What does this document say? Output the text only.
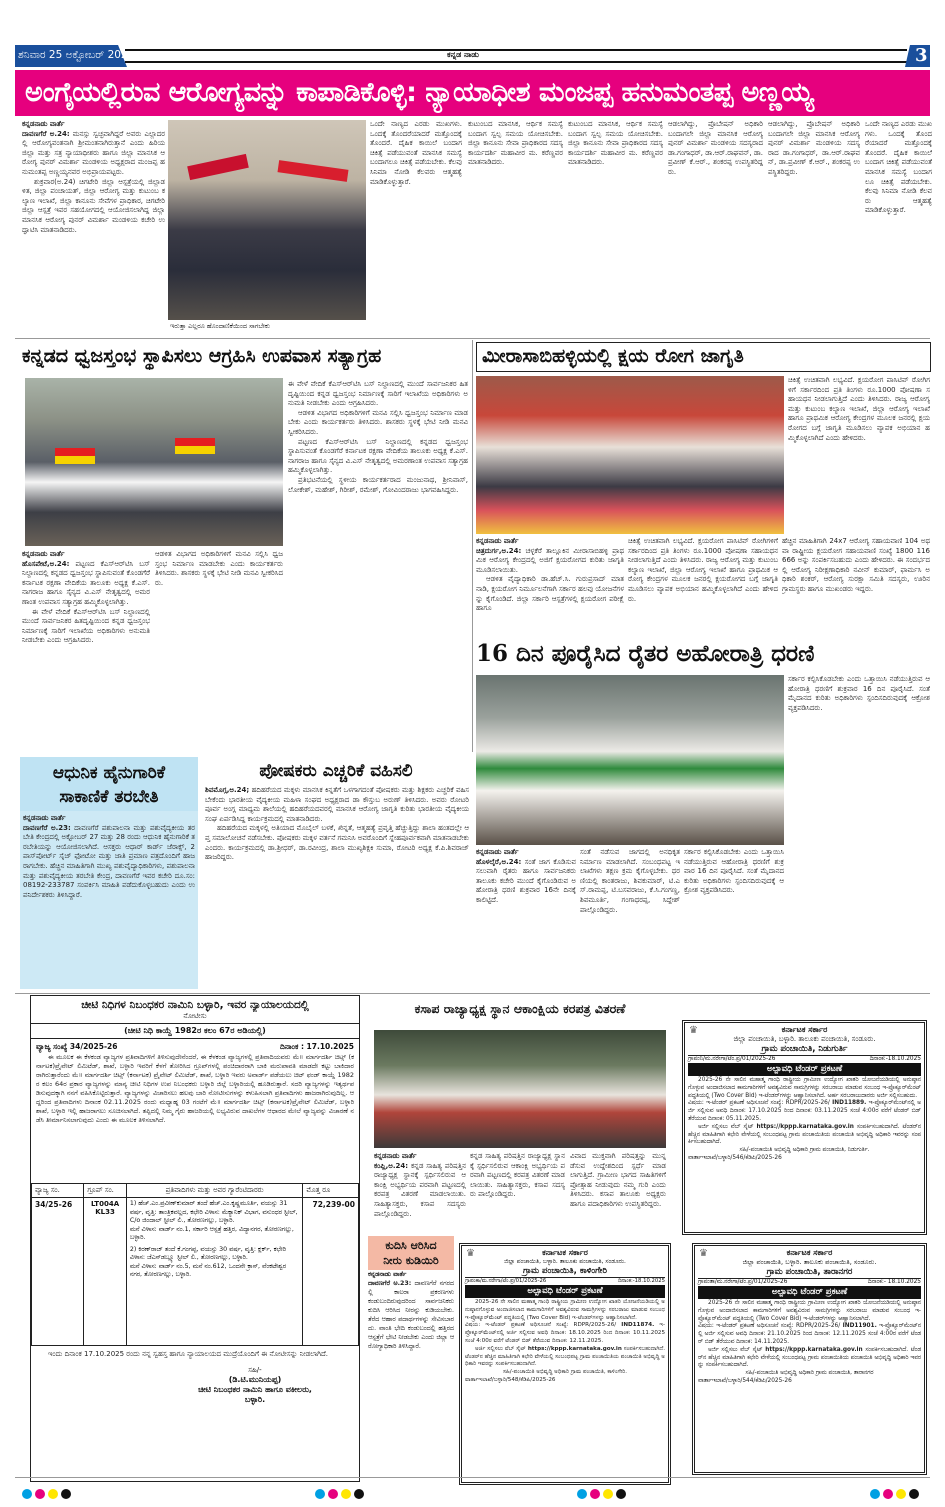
ಶನಿವಾರ 25 ಅಕ್ಟೋಬರ್ 2025	ಕನ್ನಡ ನಾಡು	3
ಅಂಗೈಯಲ್ಲಿರುವ ಆರೋಗ್ಯವನ್ನು ಕಾಪಾಡಿಕೊಳ್ಳಿ: ನ್ಯಾಯಾಧೀಶ ಮಂಜಪ್ಪ ಹನುಮಂತಪ್ಪ ಅಣ್ಣಯ್ಯ
ಕನ್ನಡನಾಡು ವಾರ್ತೆ
ದಾವಣಗೆರೆ ಅ.24: ಮನಸ್ಸು ಸ್ವಚ್ಛವಾಗಿದ್ದರೆ ಅವರು ಎಲ್ಲಾದರಲ್ಲಿ ಆರೋಗ್ಯವಂತನಾಗಿ ಶ್ರೀಮಂತನಾಗಿರುತ್ತಾನೆ ಎಂದು ಹಿರಿಯ ಜಿಲ್ಲಾ ಮತ್ತು ಸತ್ರ ನ್ಯಾಯಾಧೀಶರು ಹಾಗೂ ಜಿಲ್ಲಾ ಮಾನಸಿಕ ಆರೋಗ್ಯ ಪುನರ್ ವಿಮರ್ಶಾ ಮಂಡಳಿಯ ಅಧ್ಯಕ್ಷರಾದ ಮಂಜಪ್ಪ ಹನುಮಂತಪ್ಪ ಅಣ್ಣಯ್ಯನವರ ಅಭಿಪ್ರಾಯಪಟ್ಟರು.
ಶುಕ್ರವಾರ(ಅ.24) ಚಿಗಟೇರಿ ಜಿಲ್ಲಾ ಆಸ್ಪತ್ರೆಯಲ್ಲಿ ಜಿಲ್ಲಾಡಳಿತ, ಜಿಲ್ಲಾ ಪಂಚಾಯತ್, ಜಿಲ್ಲಾ ಆರೋಗ್ಯ ಮತ್ತು ಕುಟುಂಬ ಕಲ್ಯಾಣ ಇಲಾಖೆ, ಜಿಲ್ಲಾ ಕಾನೂನು ಸೇವೆಗಳ ಪ್ರಾಧಿಕಾರ, ಚಿಗಟೇರಿ ಜಿಲ್ಲಾ ಆಸ್ಪತ್ರೆ ಇವರ ಸಹಯೋಗದಲ್ಲಿ ಆಯೋಜಿಸಲಾಗಿದ್ದ ಜಿಲ್ಲಾ ಮಾನಸಿಕ ಆರೋಗ್ಯ ಪುನರ್ ವಿಮರ್ಶಾ ಮಂಡಳಿಯ ಕಚೇರಿ ಉದ್ಘಾಟಿಸಿ ಮಾತನಾಡಿದರು.
ಇರುತ್ತಾ ಎಲ್ಲರೂ ಹೊಂದಾಣಿಕೆಯಿಂದ ಸಾಗಬೇಕು
ಒಂದೇ ನಾಣ್ಯದ ಎರಡು ಮುಖಗಳು. ಒಂದಕ್ಕೆ ತೊಂದರೆಯಾದರೆ ಮತ್ತೊಂದಕ್ಕೆ ತೊಂದರೆ. ದೈಹಿಕ ಕಾಯಿಲೆ ಬಂದಾಗ ಚಿಕಿತ್ಸೆ ಪಡೆಯುವಂತೆ ಮಾನಸಿಕ ಸಮಸ್ಯೆ ಬಂದಾಗಲೂ ಚಿಕಿತ್ಸೆ ಪಡೆಯಬೇಕು. ಕೆಲವು ಸಿನಿಮಾ ನೋಡಿ ಕೆಲವರು ಆತ್ಮಹತ್ಯೆ ಮಾಡಿಕೊಳ್ಳುತ್ತಾರೆ.
ಕುಟುಂಬದ ಮಾನಸಿಕ, ಆರ್ಥಿಕ ಸಮಸ್ಯೆ ಬಂದಾಗ ಸ್ವಲ್ಪ ಸಮಯ ಯೋಚಿಸಬೇಕು. ಜಿಲ್ಲಾ ಕಾನೂನು ಸೇವಾ ಪ್ರಾಧಿಕಾರದ ಸದಸ್ಯ ಕಾರ್ಯದರ್ಶಿ ಮಹಾವೀರ ಮ. ಕರೆಣ್ಣವರ ಮಾತನಾಡಿದರು.
ಕುಟುಂಬದ ಮಾನಸಿಕ, ಆರ್ಥಿಕ ಸಮಸ್ಯೆ ಬಂದಾಗ ಸ್ವಲ್ಪ ಸಮಯ ಯೋಚಿಸಬೇಕು. ಜಿಲ್ಲಾ ಕಾನೂನು ಸೇವಾ ಪ್ರಾಧಿಕಾರದ ಸದಸ್ಯ ಕಾರ್ಯದರ್ಶಿ ಮಹಾವೀರ ಮ. ಕರೆಣ್ಣವರ ಮಾತನಾಡಿದರು.
ಆಡಲಾಗಿದ್ದು, ಪ್ರೊಬೇಷನ್ ಅಧಿಕಾರಿ ಬಂದಾಗಲೇ ಜಿಲ್ಲಾ ಮಾನಸಿಕ ಆರೋಗ್ಯ ಪುನರ್ ವಿಮರ್ಶಾ ಮಂಡಳಿಯ ಸದಸ್ಯರಾದ ಡಾ.ಗಂಗಾಧರ್, ಡಾ.ಆರ್.ರಾಘವನ್, ಡಾ.ಪ್ರವೀಣ್ ಕೆ.ಆರ್., ಶಂಕರಪ್ಪ ಉಪಸ್ಥಿತರಿದ್ದರು.
ಆಡಲಾಗಿದ್ದು, ಪ್ರೊಬೇಷನ್ ಅಧಿಕಾರಿ ಬಂದಾಗಲೇ ಜಿಲ್ಲಾ ಮಾನಸಿಕ ಆರೋಗ್ಯ ಪುನರ್ ವಿಮರ್ಶಾ ಮಂಡಳಿಯ ಸದಸ್ಯರಾದ ಡಾ.ಗಂಗಾಧರ್, ಡಾ.ಆರ್.ರಾಘವನ್, ಡಾ.ಪ್ರವೀಣ್ ಕೆ.ಆರ್., ಶಂಕರಪ್ಪ ಉಪಸ್ಥಿತರಿದ್ದರು.
ಒಂದೇ ನಾಣ್ಯದ ಎರಡು ಮುಖಗಳು. ಒಂದಕ್ಕೆ ತೊಂದರೆಯಾದರೆ ಮತ್ತೊಂದಕ್ಕೆ ತೊಂದರೆ. ದೈಹಿಕ ಕಾಯಿಲೆ ಬಂದಾಗ ಚಿಕಿತ್ಸೆ ಪಡೆಯುವಂತೆ ಮಾನಸಿಕ ಸಮಸ್ಯೆ ಬಂದಾಗಲೂ ಚಿಕಿತ್ಸೆ ಪಡೆಯಬೇಕು. ಕೆಲವು ಸಿನಿಮಾ ನೋಡಿ ಕೆಲವರು ಆತ್ಮಹತ್ಯೆ ಮಾಡಿಕೊಳ್ಳುತ್ತಾರೆ.
ಕನ್ನಡದ ಧ್ವಜಸ್ತಂಭ ಸ್ಥಾಪಿಸಲು ಆಗ್ರಹಿಸಿ ಉಪವಾಸ ಸತ್ಯಾಗ್ರಹ
ಕನ್ನಡನಾಡು ವಾರ್ತೆ
ಹೊಸಪೇಟೆ,ಅ.24: ಪಟ್ಟಣದ ಕೆಎಸ್ಆರ್‌ಟಿಸಿ ಬಸ್ ನಿಲ್ದಾಣದಲ್ಲಿ ಕನ್ನಡದ ಧ್ವಜಸ್ತಂಭ ಸ್ಥಾಪಿಸುವಂತೆ ಕೊಂಡಗೆರೆ ಕರ್ನಾಟಕ ರಕ್ಷಣಾ ವೇದಿಕೆಯ ತಾಲೂಕು ಅಧ್ಯಕ್ಷ ಕೆ.ಎಸ್.ನಾಗರಾಜ ಹಾಗೂ ಸೈನ್ಯದ ವಿ.ಎಸ್ ನೇತೃತ್ವದಲ್ಲಿ ಅಮರಣಾಂತ ಉಪವಾಸ ಸತ್ಯಾಗ್ರಹ ಹಮ್ಮಿಕೊಳ್ಳಲಾಗಿತ್ತು.
ಈ ವೇಳೆ ವೇದಿಕೆ ಕೆಎಸ್ಆರ್‌ಟಿಸಿ ಬಸ್ ನಿಲ್ದಾಣದಲ್ಲಿ ಮುಂದೆ ಸಾರ್ವಜನಿಕರ ಹಿತದೃಷ್ಟಿಯಿಂದ ಕನ್ನಡ ಧ್ವಜಸ್ತಂಭ ನಿರ್ಮಾಣಕ್ಕೆ ಸಾರಿಗೆ ಇಲಾಖೆಯ ಅಧಿಕಾರಿಗಳು ಅನುಮತಿ ನೀಡಬೇಕು ಎಂದು ಆಗ್ರಹಿಸಿದರು.
ಆಡಳಿತ ವಿಭಾಗದ ಅಧಿಕಾರಿಗಳಿಗೆ ಮನವಿ ಸಲ್ಲಿಸಿ ಧ್ವಜಸ್ತಂಭ ನಿರ್ಮಾಣ ಮಾಡಬೇಕು ಎಂದು ಕಾರ್ಯಕರ್ತರು ತಿಳಿಸಿದರು. ಶಾಸಕರು ಸ್ಥಳಕ್ಕೆ ಭೇಟಿ ನೀಡಿ ಮನವಿ ಸ್ವೀಕರಿಸಿದರು.
ಈ ವೇಳೆ ವೇದಿಕೆ ಕೆಎಸ್ಆರ್‌ಟಿಸಿ ಬಸ್ ನಿಲ್ದಾಣದಲ್ಲಿ ಮುಂದೆ ಸಾರ್ವಜನಿಕರ ಹಿತದೃಷ್ಟಿಯಿಂದ ಕನ್ನಡ ಧ್ವಜಸ್ತಂಭ ನಿರ್ಮಾಣಕ್ಕೆ ಸಾರಿಗೆ ಇಲಾಖೆಯ ಅಧಿಕಾರಿಗಳು ಅನುಮತಿ ನೀಡಬೇಕು ಎಂದು ಆಗ್ರಹಿಸಿದರು.
ಆಡಳಿತ ವಿಭಾಗದ ಅಧಿಕಾರಿಗಳಿಗೆ ಮನವಿ ಸಲ್ಲಿಸಿ ಧ್ವಜಸ್ತಂಭ ನಿರ್ಮಾಣ ಮಾಡಬೇಕು ಎಂದು ಕಾರ್ಯಕರ್ತರು ತಿಳಿಸಿದರು. ಶಾಸಕರು ಸ್ಥಳಕ್ಕೆ ಭೇಟಿ ನೀಡಿ ಮನವಿ ಸ್ವೀಕರಿಸಿದರು.
ಪಟ್ಟಣದ ಕೆಎಸ್ಆರ್‌ಟಿಸಿ ಬಸ್ ನಿಲ್ದಾಣದಲ್ಲಿ ಕನ್ನಡದ ಧ್ವಜಸ್ತಂಭ ಸ್ಥಾಪಿಸುವಂತೆ ಕೊಂಡಗೆರೆ ಕರ್ನಾಟಕ ರಕ್ಷಣಾ ವೇದಿಕೆಯ ತಾಲೂಕು ಅಧ್ಯಕ್ಷ ಕೆ.ಎಸ್.ನಾಗರಾಜ ಹಾಗೂ ಸೈನ್ಯದ ವಿ.ಎಸ್ ನೇತೃತ್ವದಲ್ಲಿ ಅಮರಣಾಂತ ಉಪವಾಸ ಸತ್ಯಾಗ್ರಹ ಹಮ್ಮಿಕೊಳ್ಳಲಾಗಿತ್ತು.
ಪ್ರತಿಭಟನೆಯಲ್ಲಿ ಸ್ಥಳೀಯ ಕಾರ್ಯಕರ್ತರಾದ ಮಂಜುನಾಥ, ಶ್ರೀನಿವಾಸ್, ಲೋಕೇಶ್, ಮಹೇಶ್, ಗಿರೀಶ್, ರಮೇಶ್, ಗೋವಿಂದರಾಜು ಭಾಗವಹಿಸಿದ್ದರು.
ಮೀರಾಸಾಬಿಹಳ್ಳಿಯಲ್ಲಿ ಕ್ಷಯ ರೋಗ ಜಾಗೃತಿ
ಚಿಕಿತ್ಸೆ ಉಚಿತವಾಗಿ ಲಭ್ಯವಿದೆ. ಕ್ಷಯರೋಗ ಪಾಸಿಟಿವ್ ರೋಗಿಗಳಿಗೆ ಸರ್ಕಾರದಿಂದ ಪ್ರತಿ ತಿಂಗಳು ರೂ.1000 ಪೋಷಣಾ ಸಹಾಯಧನ ನೀಡಲಾಗುತ್ತಿದೆ ಎಂದು ತಿಳಿಸಿದರು. ರಾಜ್ಯ ಆರೋಗ್ಯ ಮತ್ತು ಕುಟುಂಬ ಕಲ್ಯಾಣ ಇಲಾಖೆ, ಜಿಲ್ಲಾ ಆರೋಗ್ಯ ಇಲಾಖೆ ಹಾಗೂ ಪ್ರಾಥಮಿಕ ಆರೋಗ್ಯ ಕೇಂದ್ರಗಳ ಮೂಲಕ ಜನರಲ್ಲಿ ಕ್ಷಯರೋಗದ ಬಗ್ಗೆ ಜಾಗೃತಿ ಮೂಡಿಸಲು ವ್ಯಾಪಕ ಅಭಿಯಾನ ಹಮ್ಮಿಕೊಳ್ಳಲಾಗಿದೆ ಎಂದು ಹೇಳಿದರು.
ಕನ್ನಡನಾಡು ವಾರ್ತೆ
ಚಿತ್ರದುರ್ಗ,ಅ.24: ಚಳ್ಳಕೆರೆ ತಾಲ್ಲೂಕಿನ ಮೀರಾಸಾಬಿಹಳ್ಳಿ ಪ್ರಾಥಮಿಕ ಆರೋಗ್ಯ ಕೇಂದ್ರದಲ್ಲಿ ಅಜಿಗೆ ಕ್ಷಯರೋಗದ ಕುರಿತು ಜಾಗೃತಿ ಮೂಡಿಸಲಾಯಿತು.
ಆಡಳಿತ ವೈದ್ಯಾಧಿಕಾರಿ ಡಾ.ಹೆಚ್.ಸಿ. ಗುರುಪ್ರಸಾದ್ ಮಾತನಾಡಿ, ಕ್ಷಯರೋಗ ನಿರ್ಮೂಲನೆಗಾಗಿ ಸರ್ಕಾರ ಹಲವು ಯೋಜನೆಗಳನ್ನು ಕೈಗೊಂಡಿದೆ. ಜಿಲ್ಲಾ ಸರ್ಕಾರಿ ಆಸ್ಪತ್ರೆಗಳಲ್ಲಿ ಕ್ಷಯರೋಗ ಪರೀಕ್ಷೆ ಹಾಗೂ
ಚಿಕಿತ್ಸೆ ಉಚಿತವಾಗಿ ಲಭ್ಯವಿದೆ. ಕ್ಷಯರೋಗ ಪಾಸಿಟಿವ್ ರೋಗಿಗಳಿಗೆ ಸರ್ಕಾರದಿಂದ ಪ್ರತಿ ತಿಂಗಳು ರೂ.1000 ಪೋಷಣಾ ಸಹಾಯಧನ ನೀಡಲಾಗುತ್ತಿದೆ ಎಂದು ತಿಳಿಸಿದರು. ರಾಜ್ಯ ಆರೋಗ್ಯ ಮತ್ತು ಕುಟುಂಬ ಕಲ್ಯಾಣ ಇಲಾಖೆ, ಜಿಲ್ಲಾ ಆರೋಗ್ಯ ಇಲಾಖೆ ಹಾಗೂ ಪ್ರಾಥಮಿಕ ಆರೋಗ್ಯ ಕೇಂದ್ರಗಳ ಮೂಲಕ ಜನರಲ್ಲಿ ಕ್ಷಯರೋಗದ ಬಗ್ಗೆ ಜಾಗೃತಿ ಮೂಡಿಸಲು ವ್ಯಾಪಕ ಅಭಿಯಾನ ಹಮ್ಮಿಕೊಳ್ಳಲಾಗಿದೆ ಎಂದು ಹೇಳಿದರು.
ಹೆಚ್ಚಿನ ಮಾಹಿತಿಗಾಗಿ 24x7 ಆರೋಗ್ಯ ಸಹಾಯವಾಣಿ 104 ಅಥವಾ ರಾಷ್ಟ್ರೀಯ ಕ್ಷಯರೋಗ ಸಹಾಯವಾಣಿ ಸಂಖ್ಯೆ 1800 116 666 ಅನ್ನು ಸಂಪರ್ಕಿಸಬಹುದು ಎಂದು ಹೇಳಿದರು. ಈ ಸಂದರ್ಭದಲ್ಲಿ ಆರೋಗ್ಯ ನಿರೀಕ್ಷಣಾಧಿಕಾರಿ ನವೀನ್ ಕುಮಾರ್, ಫಾರ್ಮಸಿ ಅಧಿಕಾರಿ ಶಂಕರ್, ಆರೋಗ್ಯ ಸುರಕ್ಷಾ ಸಮಿತಿ ಸದಸ್ಯರು, ಊರಿನ ಗ್ರಾಮಸ್ಥರು ಹಾಗೂ ಮುಖಂಡರು ಇದ್ದರು.
16 ದಿನ ಪೂರೈಸಿದ ರೈತರ ಅಹೋರಾತ್ರಿ ಧರಣಿ
ಸರ್ಕಾರ ಕಲ್ಪಿಸಿಕೊಡಬೇಕು ಎಂದು ಒತ್ತಾಯಿಸಿ ನಡೆಯುತ್ತಿರುವ ಆಹೋರಾತ್ರಿ ಧರಣಿಗೆ ಶುಕ್ರವಾರ 16 ದಿನ ಪೂರೈಸಿದೆ. ಸಂತೆ ಮೈದಾನದ ಕುರಿತು ಅಧಿಕಾರಿಗಳು ಸ್ಪಂದಿಸದಿರುವುದಕ್ಕೆ ಆಕ್ರೋಶ ವ್ಯಕ್ತಪಡಿಸಿದರು.
ಕನ್ನಡನಾಡು ವಾರ್ತೆ
ಹೊಳಲ್ಕೆರೆ,ಅ.24: ಸಂತೆ ಜಾಗ ಕೊಡಿಸುವ ಸಲುವಾಗಿ ರೈತರು ಹಾಗೂ ಸಾರ್ವಜನಿಕರು ತಾಲೂಕು ಕಚೇರಿ ಮುಂದೆ ಕೈಗೊಂಡಿರುವ ಅಹೋರಾತ್ರಿ ಧರಣಿ ಶುಕ್ರವಾರ 16ನೇ ದಿನಕ್ಕೆ ಕಾಲಿಟ್ಟಿದೆ.
ಸಂತೆ ನಡೆಸುವ ಜಾಗದಲ್ಲಿ ಅನಧಿಕೃತ ನಿರ್ಮಾಣ ಮಾಡಲಾಗಿದೆ. ಸಂಬಂಧಪಟ್ಟ ಇಲಾಖೆಗಳು ತಕ್ಷಣ ಕ್ರಮ ಕೈಗೊಳ್ಳಬೇಕು. ಧರಣಿಯಲ್ಲಿ ಕಾಂತರಾಜು, ಶಿವಕುಮಾರ್, ಟಿ.ಎಸ್.ರಾಮಪ್ಪ, ಟಿ.ಬಸವರಾಜು, ಕೆ.ಸಿ.ಗಂಗಣ್ಣ, ಶಿವಮೂರ್ತಿ, ಗಂಗಾಧರಪ್ಪ, ಸಿದ್ದೇಶ್ ಪಾಲ್ಗೊಂಡಿದ್ದರು.
ಸರ್ಕಾರ ಕಲ್ಪಿಸಿಕೊಡಬೇಕು ಎಂದು ಒತ್ತಾಯಿಸಿ ನಡೆಯುತ್ತಿರುವ ಆಹೋರಾತ್ರಿ ಧರಣಿಗೆ ಶುಕ್ರವಾರ 16 ದಿನ ಪೂರೈಸಿದೆ. ಸಂತೆ ಮೈದಾನದ ಕುರಿತು ಅಧಿಕಾರಿಗಳು ಸ್ಪಂದಿಸದಿರುವುದಕ್ಕೆ ಆಕ್ರೋಶ ವ್ಯಕ್ತಪಡಿಸಿದರು.
ಆಧುನಿಕ ಹೈನುಗಾರಿಕೆ
ಸಾಕಾಣಿಕೆ ತರಬೇತಿ
ಕನ್ನಡನಾಡು ವಾರ್ತೆ
ದಾವಣಗೆರೆ ಅ.23: ದಾವಣಗೆರೆ ಪಶುಪಾಲನಾ ಮತ್ತು ಪಶುವೈದ್ಯಕೀಯ ತರಬೇತಿ ಕೇಂದ್ರದಲ್ಲಿ ಅಕ್ಟೋಬರ್ 27 ಮತ್ತು 28 ರಂದು ಆಧುನಿಕ ಹೈನುಗಾರಿಕೆ ತರಬೇತಿಯನ್ನು ಆಯೋಜಿಸಲಾಗಿದೆ. ಆಸಕ್ತರು ಆಧಾರ್ ಕಾರ್ಡ್ ಜೆರಾಕ್ಸ್, 2 ಪಾಸ್‌ಪೋರ್ಟ್ ಸೈಜ್ ಫೋಟೋ ಮತ್ತು ಜಾತಿ ಪ್ರಮಾಣ ಪತ್ರದೊಂದಿಗೆ ಹಾಜರಾಗಬೇಕು. ಹೆಚ್ಚಿನ ಮಾಹಿತಿಗಾಗಿ ಮುಖ್ಯ ಪಶುವೈದ್ಯಾಧಿಕಾರಿಗಳು, ಪಶುಪಾಲನಾ ಮತ್ತು ಪಶುವೈದ್ಯಕೀಯ ತರಬೇತಿ ಕೇಂದ್ರ, ದಾವಣಗೆರೆ ಇವರ ಕಚೇರಿ ದೂ.ಸಂ: 08192-233787 ಸಂಪರ್ಕಿಸಿ ಮಾಹಿತಿ ಪಡೆದುಕೊಳ್ಳಬಹುದು ಎಂದು ಉಪನಿರ್ದೇಶಕರು ತಿಳಿಸಿದ್ದಾರೆ.
ಪೋಷಕರು ಎಚ್ಚರಿಕೆ ವಹಿಸಲಿ
ಶಿವಮೊಗ್ಗ,ಅ.24; ಹದಿಹರೆಯದ ಮಕ್ಕಳು ಮಾನಸಿಕ ಕಿನ್ನತೆಗೆ ಒಳಗಾಗದಂತೆ ಪೋಷಕರು ಮತ್ತು ಶಿಕ್ಷಕರು ಎಚ್ಚರಿಕೆ ವಹಿಸಬೇಕೆಂದು ಭಾರತೀಯ ವೈದ್ಯಕೀಯ ಮಹಿಳಾ ಸಂಘದ ಅಧ್ಯಕ್ಷರಾದ ಡಾ ಕೌಸ್ತುಬ ಅರುಣ್ ತಿಳಿಸಿದರು. ಅವರು ರೋಟರಿ ಪೂರ್ವ ಅಂಗ್ಲ ಮಾಧ್ಯಮ ಶಾಲೆಯಲ್ಲಿ ಹದಿಹರೆಯದವರಲ್ಲಿ ಮಾನಸಿಕ ಆರೋಗ್ಯ ಜಾಗೃತಿ ಕುರಿತು ಭಾರತೀಯ ವೈದ್ಯಕೀಯ ಸಂಘ ಏರ್ಪಡಿಸಿದ್ದ ಕಾರ್ಯಕ್ರಮದಲ್ಲಿ ಮಾತನಾಡಿದರು.
ಹದಿಹರೆಯದ ಮಕ್ಕಳಲ್ಲಿ ಅತಿಯಾದ ಮೊಬೈಲ್ ಬಳಕೆ, ಖಿನ್ನತೆ, ಆತ್ಮಹತ್ಯೆ ಪ್ರವೃತ್ತಿ ಹೆಚ್ಚುತ್ತಿದ್ದು ಶಾಲಾ ಹಂತದಲ್ಲೇ ಆಪ್ತ ಸಮಾಲೋಚನೆ ನಡೆಸಬೇಕು. ಪೋಷಕರು ಮಕ್ಕಳ ವರ್ತನೆ ಗಮನಿಸಿ ಅವರೊಂದಿಗೆ ಸ್ನೇಹಪೂರ್ವಕವಾಗಿ ಮಾತನಾಡಬೇಕು ಎಂದರು. ಕಾರ್ಯಕ್ರಮದಲ್ಲಿ ಡಾ.ಶ್ರೀಧರ್, ಡಾ.ರವೀಂದ್ರ, ಶಾಲಾ ಮುಖ್ಯಶಿಕ್ಷಕಿ ಸುಮಾ, ರೋಟರಿ ಅಧ್ಯಕ್ಷ ಕೆ.ಪಿ.ಶಿವರಾಜ್ ಹಾಜರಿದ್ದರು.
ಚೀಟಿ ನಿಧಿಗಳ ನಿಬಂಧಕರ ನಾಮಿನಿ ಬಳ್ಳಾರಿ, ಇವರ ನ್ಯಾಯಾಲಯದಲ್ಲಿ
ನೋಟೀಸು
(ಚೀಟಿ ನಿಧಿ ಕಾಯ್ದೆ 1982ರ ಕಲಂ 67ರ ಅಡಿಯಲ್ಲಿ)
ವ್ಯಾಜ್ಯ ಸಂಖ್ಯೆ 34/2025-26	ದಿನಾಂಕ : 17.10.2025
ಈ ಮೂಲಕ ಈ ಕೆಳಕಂಡ ವ್ಯಾಜ್ಯಗಳ ಪ್ರತಿವಾದಿಗಳಿಗೆ ತಿಳಿಸುವುದೇನೆಂದರೆ, ಈ ಕೆಳಕಂಡ ವ್ಯಾಜ್ಯಗಳಲ್ಲಿ ಪ್ರತಿವಾದಿಯವರು ಮೆ॥ ಮಾರ್ಗದರ್ಶಿ ಚಿಟ್ಸ್ (ಕರ್ನಾಟಕ)ಪ್ರೈವೇಟ್ ಲಿಮಿಟೆಡ್, ಶಾಖೆ, ಬಳ್ಳಾರಿ ಇವರಿಗೆ ಕೆಳಗೆ ತೋರಿಸಿದ ಗ್ರೂಪ್‌ಗಳಲ್ಲಿ ಪಂಚಿದಾರರಾಗಿ ಬಾಕಿ ಮರುಪಾವತಿ ಮಾಡದೇ ಕಟ್ಟು ಬಾಕಿದಾರರಾಗಿರುತ್ತಾರೆಂದು ಮೆ॥ ಮಾರ್ಗದರ್ಶಿ ಚಿಟ್ಸ್ (ಕರ್ನಾಟಕ) ಪ್ರೈವೇಟ್ ಲಿಮಿಟೆಡ್, ಶಾಖೆ, ಬಳ್ಳಾರಿ ಇವರು ಅವಾರ್ಡ್ ಪಡೆಯಲು ಚಿಟ್ ಫಂಡ್ ಕಾಯ್ದೆ 1982ರ ಕಲಂ 64ರ ಪ್ರಕಾರ ವ್ಯಾಜ್ಯಗಳನ್ನು ಮಾನ್ಯ ಚೀಟಿ ನಿಧಿಗಳ ಉಪ ನಿಬಂಧಕರು ಬಳ್ಳಾರಿ ಜಿಲ್ಲೆ ಬಳ್ಳಾರಿಯಲ್ಲಿ ಹೂಡಿರುತ್ತಾರೆ. ಸದರಿ ವ್ಯಾಜ್ಯಗಳನ್ನು ಇತ್ಯರ್ಥಪಡಿಸುವುದಕ್ಕಾಗಿ ನನಗೆ ವಹಿಸಿಕೊಟ್ಟಿರುತ್ತಾರೆ. ವ್ಯಾಜ್ಯಗಳನ್ನು ವಿಚಾರಿಸಲು ಹಲವು ಬಾರಿ ನೋಟೀಸುಗಳನ್ನು ಕಳುಹಿಸಲಾಗಿ ಪ್ರತಿವಾದಿಗಳು ಹಾಜರಾಗಿರುವುದಿಲ್ಲ. ಆದ್ದರಿಂದ ಪ್ರತಿವಾದಿಗಳು ದಿನಾಂಕ 02.11.2025 ರಂದು ಮಧ್ಯಾಹ್ನ 03 ಗಂಟೆಗೆ ಮೆ॥ ಮಾರ್ಗದರ್ಶಿ ಚಿಟ್ಸ್ (ಕರ್ನಾಟಕ)ಪ್ರೈವೇಟ್ ಲಿಮಿಟೆಡ್, ಬಳ್ಳಾರಿ ಶಾಖೆ, ಬಳ್ಳಾರಿ ಇಲ್ಲಿ ಹಾಜರಾಗಲು ಸೂಚಿಸಲಾಗಿದೆ. ತಪ್ಪಿದಲ್ಲಿ ನಿಮ್ಮ ಗೈರು ಹಾಜರಿಯಲ್ಲಿ ಲಭ್ಯವಿರುವ ದಾಖಲೆಗಳ ಆಧಾರದ ಮೇಲೆ ವ್ಯಾಜ್ಯವನ್ನು ವಿಚಾರಣೆ ನಡೆಸಿ ತೀರ್ಮಾನಿಸಲಾಗುವುದು ಎಂದು ಈ ಮೂಲಕ ತಿಳಿಸಲಾಗಿದೆ.
ವ್ಯಾಜ್ಯ ಸಂ.	ಗ್ರೂಪ್ ಸಂ.	ಪ್ರತಿವಾದಿಗಳು ಮತ್ತು ಅವರ ಗ್ಯಾರೆಂಟಿದಾರರು	ಮೊತ್ತ ರೂ
34/25-26	LT004A KL33	1) ಹೆಚ್.ಎಂ.ಪ್ರವೀಣ್‌ಕುಮಾರ್ ತಂದೆ ಹೆಚ್.ಎಂ.ಕೃಷ್ಣಮೂರ್ತಿ, ವಯಸ್ಸು 31 ವರ್ಷ, ವೃತ್ತಿ: ತಾಂತ್ರಿಕವಲ್ಲದ, ಕಛೇರಿ ವಿಳಾಸ: ಮೆಕ್ಯಾನಿಕ್ ವಿಭಾಗ, ವಸುಂಧರ ಸ್ಟೀಲ್, C/o ಜಿಂದಾಲ್ ಸ್ಟೀಲ್ ಲಿ., ತೋರಣಗಲ್ಲು, ಬಳ್ಳಾರಿ.
ಮನೆ ವಿಳಾಸ: ವಾರ್ಡ್ ನಂ.1, ಸರ್ಕಾರಿ ಆಸ್ಪತ್ರೆ ಹತ್ತಿರ, ವಿದ್ಯಾನಗರ, ತೋರಣಗಲ್ಲು, ಬಳ್ಳಾರಿ.
2) ಕಿರಣ್‌ರಾಜ್ ತಂದೆ ಕೆ.ಗಂಗಪ್ಪ, ವಯಸ್ಸು 30 ವರ್ಷ, ವೃತ್ತಿ: ಕ್ಲರ್ಕ್, ಕಛೇರಿ ವಿಳಾಸ: ಜೆಎಸ್‌ಡಬ್ಲ್ಯೂ ಸ್ಟೀಲ್ ಲಿ., ತೋರಣಗಲ್ಲು, ಬಳ್ಳಾರಿ.
ಮನೆ ವಿಳಾಸ: ವಾರ್ಡ್ ನಂ.5, ಮನೆ ನಂ.612, ಒಂದನೇ ಕ್ರಾಸ್, ವೆಂಕಟೇಶ್ವರ ನಗರ, ತೋರಣಗಲ್ಲು, ಬಳ್ಳಾರಿ.	72,239-00
ಇಂದು ದಿನಾಂಕ 17.10.2025 ರಂದು ನನ್ನ ಸ್ವಹಸ್ತ ಹಾಗೂ ನ್ಯಾಯಾಲಯದ ಮುದ್ರೆಯೊಂದಿಗೆ ಈ ನೋಟೀಸನ್ನು ನೀಡಲಾಗಿದೆ.
ಸಹಿ/-
(ಡಿ.ಟಿ.ಮುನಿಯಪ್ಪ)
ಚೀಟಿ ನಿಬಂಧಕರ ನಾಮಿನಿ ಹಾಗೂ ವಕೀಲರು,
ಬಳ್ಳಾರಿ.
ಕಸಾಪ ರಾಜ್ಯಾಧ್ಯಕ್ಷ ಸ್ಥಾನ ಆಕಾಂಕ್ಷಿಯ ಕರಪತ್ರ ವಿತರಣೆ
ಕನ್ನಡನಾಡು ವಾರ್ತೆ
ಕಂಪ್ಲಿ,ಅ.24: ಕನ್ನಡ ಸಾಹಿತ್ಯ ಪರಿಷತ್ತಿನ ರಾಜ್ಯಾಧ್ಯಕ್ಷ ಸ್ಥಾನಕ್ಕೆ ಸ್ಪರ್ಧಿಸಲಿರುವ ಆಕಾಂಕ್ಷಿ ಅಭ್ಯರ್ಥಿಯ ಪರವಾಗಿ ಪಟ್ಟಣದಲ್ಲಿ ಕರಪತ್ರ ವಿತರಣೆ ಮಾಡಲಾಯಿತು. ಸಾಹಿತ್ಯಾಸಕ್ತರು, ಕಸಾಪ ಸದಸ್ಯರು ಪಾಲ್ಗೊಂಡಿದ್ದರು.
ಕನ್ನಡ ಸಾಹಿತ್ಯ ಪರಿಷತ್ತಿನ ರಾಜ್ಯಾಧ್ಯಕ್ಷ ಸ್ಥಾನಕ್ಕೆ ಸ್ಪರ್ಧಿಸಲಿರುವ ಆಕಾಂಕ್ಷಿ ಅಭ್ಯರ್ಥಿಯ ಪರವಾಗಿ ಪಟ್ಟಣದಲ್ಲಿ ಕರಪತ್ರ ವಿತರಣೆ ಮಾಡಲಾಯಿತು. ಸಾಹಿತ್ಯಾಸಕ್ತರು, ಕಸಾಪ ಸದಸ್ಯರು ಪಾಲ್ಗೊಂಡಿದ್ದರು.
ವಿವಾದ ಮುಕ್ತವಾಗಿ ಪರಿಷತ್ತನ್ನು ಮುನ್ನಡೆಸುವ ಉದ್ದೇಶದಿಂದ ಸ್ಪರ್ಧೆ ಮಾಡಲಾಗುತ್ತಿದೆ. ಗ್ರಾಮೀಣ ಭಾಗದ ಸಾಹಿತಿಗಳಿಗೆ ಪ್ರೋತ್ಸಾಹ ನೀಡುವುದು ನಮ್ಮ ಗುರಿ ಎಂದು ತಿಳಿಸಿದರು. ಕಸಾಪ ತಾಲೂಕು ಅಧ್ಯಕ್ಷರು ಹಾಗೂ ಪದಾಧಿಕಾರಿಗಳು ಉಪಸ್ಥಿತರಿದ್ದರು.
ಕುದಿಸಿ ಆರಿಸಿದ
ನೀರು ಕುಡಿಯಿರಿ
ಕನ್ನಡನಾಡು ವಾರ್ತೆ
ದಾವಣಗೆರೆ ಅ.23: ದಾವಣಗೆರೆ ನಗರದಲ್ಲಿ ಕಾಲರಾ ಪ್ರಕರಣಗಳು ಕಂಡುಬಂದಿರುವುದರಿಂದ ಸಾರ್ವಜನಿಕರು ಕುದಿಸಿ ಆರಿಸಿದ ನೀರನ್ನು ಕುಡಿಯಬೇಕು. ತೆರೆದ ಆಹಾರ ಪದಾರ್ಥಗಳನ್ನು ಸೇವಿಸಬಾರದು. ವಾಂತಿ ಭೇದಿ ಕಂಡುಬಂದಲ್ಲಿ ಹತ್ತಿರದ ಆಸ್ಪತ್ರೆಗೆ ಭೇಟಿ ನೀಡಬೇಕು ಎಂದು ಜಿಲ್ಲಾ ಆರೋಗ್ಯಾಧಿಕಾರಿ ತಿಳಿಸಿದ್ದಾರೆ.
♛	ಕರ್ನಾಟಕ ಸರ್ಕಾರ
ಜಿಲ್ಲಾ ಪಂಚಾಯಿತಿ, ಬಳ್ಳಾರಿ. ತಾಲೂಕು ಪಂಚಾಯಿತಿ, ಸಂಡೂರು.
ಗ್ರಾಮ ಪಂಚಾಯಿತಿ, ನಿಡುಗುರ್ತಿ
ಗ್ರಾಪಂನಿ/ಮ.ನರೇಗಾ/ಟೆಂ.ಪ್ರ/01/2025-26	ದಿನಾಂಕ:-18.10.2025
ಅಲ್ಪಾವಧಿ ಟೆಂಡರ್ ಪ್ರಕಟಣೆ
2025-26 ನೇ ಸಾಲಿನ ಮಹಾತ್ಮ ಗಾಂಧಿ ರಾಷ್ಟ್ರೀಯ ಗ್ರಾಮೀಣ ಉದ್ಯೋಗ ಖಾತರಿ ಯೋಜನೆಯಡಿಯಲ್ಲಿ ಅನುಷ್ಠಾನಗೊಳ್ಳುವ ಅಂದಾಜಿಸಲಾದ ಕಾಮಗಾರಿಗಳಿಗೆ ಅವಶ್ಯವಿರುವ ಸಾಮಗ್ರಿಗಳನ್ನು ಸರಬರಾಜು ಮಾಡುವ ಸಂಬಂಧ ಇ-ಪ್ರೊಕ್ಯೂರ್‌ಮೆಂಟ್ ಪದ್ಧತಿಯಲ್ಲಿ (Two Cover Bid) ಇ-ಟೆಂಡರ್‌ಗಳನ್ನು ಆಹ್ವಾನಿಸಲಾಗಿದೆ. ಅರ್ಹ ಸರಬರಾಜುದಾರರು ಅರ್ಜಿ ಸಲ್ಲಿಸಬಹುದು.
ವಿಷಯ: ಇ-ಟೆಂಡರ್ ಪ್ರಕಟಣೆ ಅಧಿಸೂಚನೆ ಸಂಖ್ಯೆ: RDPR/2025-26/ IND11889. ಇ-ಪ್ರೊಕ್ಯೂರ್‌ಮೆಂಟ್‌ನಲ್ಲಿ ಅರ್ಜಿ ಸಲ್ಲಿಸುವ ಅವಧಿ ದಿನಾಂಕ: 17.10.2025 ರಿಂದ ದಿನಾಂಕ: 03.11.2025 ಸಂಜೆ 4:00ರ ವರೆಗೆ ಟೆಂಡರ್ ಬಿಡ್ ತೆರೆಯುವ ದಿನಾಂಕ: 05.11.2025.
ಅರ್ಜಿ ಸಲ್ಲಿಸಲು ವೆಬ್ ಸೈಟ್ https://kppp.karnataka.gov.in ಸಂಪರ್ಕಿಸಬಹುದಾಗಿದೆ. ಟೆಂಡರ್‌ನ ಹೆಚ್ಚಿನ ಮಾಹಿತಿಗಾಗಿ ಕಛೇರಿ ವೇಳೆಯಲ್ಲಿ ಸಂಬಂಧಪಟ್ಟ ಗ್ರಾಮ ಪಂಚಾಯಿತಿಯ ಪಂಚಾಯಿತಿ ಅಭಿವೃದ್ಧಿ ಅಧಿಕಾರಿ ಇವರನ್ನು ಸಂಪರ್ಕಿಸಬಹುದಾಗಿದೆ.
ಸಹಿ/-ಪಂಚಾಯಿತಿ ಅಭಿವೃದ್ಧಿ ಅಧಿಕಾರಿ ಗ್ರಾಮ ಪಂಚಾಯಿತಿ, ನಿಡುಗುರ್ತಿ.
ವಾರ್ತಾಇಲಾಖೆ/ಬಳ್ಳಾರಿ/546/ಕೆಡಿಪಿ/2025-26
♛	ಕರ್ನಾಟಕ ಸರ್ಕಾರ
ಜಿಲ್ಲಾ ಪಂಚಾಯಿತಿ, ಬಳ್ಳಾರಿ. ತಾಲೂಕು ಪಂಚಾಯಿತಿ, ಸಂಡೂರು.
ಗ್ರಾಮ ಪಂಚಾಯಿತಿ, ಕಾಳಿಂಗೇರಿ
ಗ್ರಾಪಂಕಾ/ಮ.ನರೇಗಾ/ಟೆಂ.ಪ್ರ/01/2025-26	ದಿನಾಂಕ:-18.10.2025
ಅಲ್ಪಾವಧಿ ಟೆಂಡರ್ ಪ್ರಕಟಣೆ
2025-26 ನೇ ಸಾಲಿನ ಮಹಾತ್ಮ ಗಾಂಧಿ ರಾಷ್ಟ್ರೀಯ ಗ್ರಾಮೀಣ ಉದ್ಯೋಗ ಖಾತರಿ ಯೋಜನೆಯಡಿಯಲ್ಲಿ ಅನುಷ್ಠಾನಗೊಳ್ಳುವ ಅಂದಾಜಿಸಲಾದ ಕಾಮಗಾರಿಗಳಿಗೆ ಅವಶ್ಯವಿರುವ ಸಾಮಗ್ರಿಗಳನ್ನು ಸರಬರಾಜು ಮಾಡುವ ಸಂಬಂಧ ಇ-ಪ್ರೊಕ್ಯೂರ್‌ಮೆಂಟ್ ಪದ್ಧತಿಯಲ್ಲಿ (Two Cover Bid) ಇ-ಟೆಂಡರ್‌ಗಳನ್ನು ಆಹ್ವಾನಿಸಲಾಗಿದೆ.
ವಿಷಯ: ಇ-ಟೆಂಡರ್ ಪ್ರಕಟಣೆ ಅಧಿಸೂಚನೆ ಸಂಖ್ಯೆ: RDPR/2025-26/ IND11874. ಇ-ಪ್ರೊಕ್ಯೂರ್‌ಮೆಂಟ್‌ನಲ್ಲಿ ಅರ್ಜಿ ಸಲ್ಲಿಸುವ ಅವಧಿ ದಿನಾಂಕ: 18.10.2025 ರಿಂದ ದಿನಾಂಕ: 10.11.2025 ಸಂಜೆ 4:00ರ ವರೆಗೆ ಟೆಂಡರ್ ಬಿಡ್ ತೆರೆಯುವ ದಿನಾಂಕ: 12.11.2025.
ಅರ್ಜಿ ಸಲ್ಲಿಸಲು ವೆಬ್ ಸೈಟ್ https://kppp.karnataka.gov.in ಸಂಪರ್ಕಿಸಬಹುದಾಗಿದೆ. ಟೆಂಡರ್‌ನ ಹೆಚ್ಚಿನ ಮಾಹಿತಿಗಾಗಿ ಕಛೇರಿ ವೇಳೆಯಲ್ಲಿ ಸಂಬಂಧಪಟ್ಟ ಗ್ರಾಮ ಪಂಚಾಯಿತಿಯ ಪಂಚಾಯಿತಿ ಅಭಿವೃದ್ಧಿ ಅಧಿಕಾರಿ ಇವರನ್ನು ಸಂಪರ್ಕಿಸಬಹುದಾಗಿದೆ.
ಸಹಿ/-ಪಂಚಾಯಿತಿ ಅಭಿವೃದ್ಧಿ ಅಧಿಕಾರಿ ಗ್ರಾಮ ಪಂಚಾಯಿತಿ, ಕಾಳಿಂಗೇರಿ.
ವಾರ್ತಾಇಲಾಖೆ/ಬಳ್ಳಾರಿ/548/ಕೆಡಿಪಿ/2025-26
♛	ಕರ್ನಾಟಕ ಸರ್ಕಾರ
ಜಿಲ್ಲಾ ಪಂಚಾಯಿತಿ, ಬಳ್ಳಾರಿ. ತಾಲೂಕು ಪಂಚಾಯಿತಿ, ಸಂಡೂರು.
ಗ್ರಾಮ ಪಂಚಾಯಿತಿ, ತಾರಾನಗರ
ಗ್ರಾಪಂತಾ/ಮ.ನರೇಗಾ/ಟೆಂ.ಪ್ರ/01/2025-26	ದಿನಾಂಕ:- 18.10.2025
ಅಲ್ಪಾವಧಿ ಟೆಂಡರ್ ಪ್ರಕಟಣೆ
2025-26 ನೇ ಸಾಲಿನ ಮಹಾತ್ಮ ಗಾಂಧಿ ರಾಷ್ಟ್ರೀಯ ಗ್ರಾಮೀಣ ಉದ್ಯೋಗ ಖಾತರಿ ಯೋಜನೆಯಡಿಯಲ್ಲಿ ಅನುಷ್ಠಾನಗೊಳ್ಳುವ ಅಂದಾಜಿಸಲಾದ ಕಾಮಗಾರಿಗಳಿಗೆ ಅವಶ್ಯವಿರುವ ಸಾಮಗ್ರಿಗಳನ್ನು ಸರಬರಾಜು ಮಾಡುವ ಸಂಬಂಧ ಇ-ಪ್ರೊಕ್ಯೂರ್‌ಮೆಂಟ್ ಪದ್ಧತಿಯಲ್ಲಿ (Two Cover Bid) ಇ-ಟೆಂಡರ್‌ಗಳನ್ನು ಆಹ್ವಾನಿಸಲಾಗಿದೆ.
ವಿಷಯ: ಇ-ಟೆಂಡರ್ ಪ್ರಕಟಣೆ ಅಧಿಸೂಚನೆ ಸಂಖ್ಯೆ: RDPR/2025-26/ IND11901. ಇ-ಪ್ರೊಕ್ಯೂರ್‌ಮೆಂಟ್‌ನಲ್ಲಿ ಅರ್ಜಿ ಸಲ್ಲಿಸುವ ಅವಧಿ ದಿನಾಂಕ: 21.10.2025 ರಿಂದ ದಿನಾಂಕ: 12.11.2025 ಸಂಜೆ 4:00ರ ವರೆಗೆ ಟೆಂಡರ್ ಬಿಡ್ ತೆರೆಯುವ ದಿನಾಂಕ: 14.11.2025.
ಅರ್ಜಿ ಸಲ್ಲಿಸಲು ವೆಬ್ ಸೈಟ್ https://kppp.karnataka.gov.in ಸಂಪರ್ಕಿಸಬಹುದಾಗಿದೆ. ಟೆಂಡರ್‌ನ ಹೆಚ್ಚಿನ ಮಾಹಿತಿಗಾಗಿ ಕಛೇರಿ ವೇಳೆಯಲ್ಲಿ ಸಂಬಂಧಪಟ್ಟ ಗ್ರಾಮ ಪಂಚಾಯಿತಿಯ ಪಂಚಾಯಿತಿ ಅಭಿವೃದ್ಧಿ ಅಧಿಕಾರಿ ಇವರನ್ನು ಸಂಪರ್ಕಿಸಬಹುದಾಗಿದೆ.
ಸಹಿ/-ಪಂಚಾಯಿತಿ ಅಭಿವೃದ್ಧಿ ಅಧಿಕಾರಿ ಗ್ರಾಮ ಪಂಚಾಯಿತಿ, ತಾರಾನಗರ
ವಾರ್ತಾಇಲಾಖೆ/ಬಳ್ಳಾರಿ/544/ಕೆಡಿಪಿ/2025-26
